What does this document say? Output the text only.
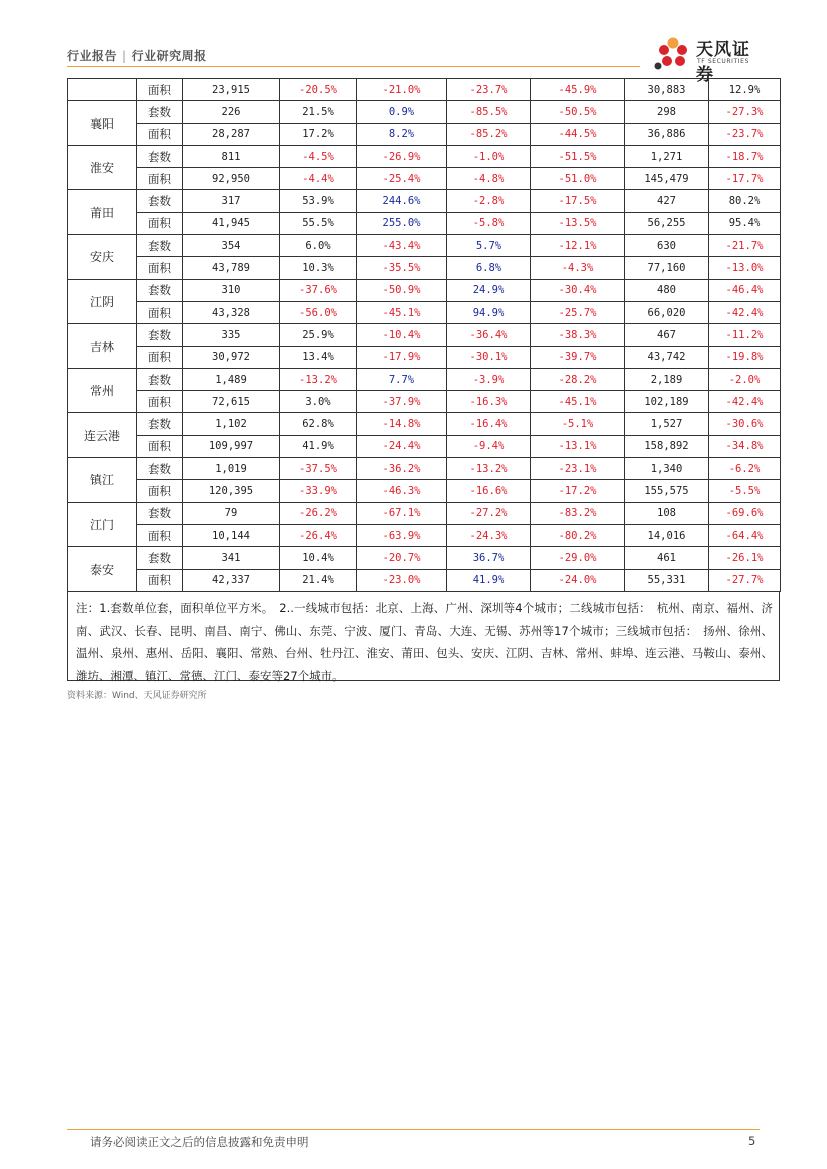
行业报告 | 行业研究周报	天风证券
TF SECURITIES
	面积	23,915	-20.5%	-21.0%	-23.7%	-45.9%	30,883	12.9%
襄阳	套数	226	21.5%	0.9%	-85.5%	-50.5%	298	-27.3%
	面积	28,287	17.2%	8.2%	-85.2%	-44.5%	36,886	-23.7%
淮安	套数	811	-4.5%	-26.9%	-1.0%	-51.5%	1,271	-18.7%
	面积	92,950	-4.4%	-25.4%	-4.8%	-51.0%	145,479	-17.7%
莆田	套数	317	53.9%	244.6%	-2.8%	-17.5%	427	80.2%
	面积	41,945	55.5%	255.0%	-5.8%	-13.5%	56,255	95.4%
安庆	套数	354	6.0%	-43.4%	5.7%	-12.1%	630	-21.7%
	面积	43,789	10.3%	-35.5%	6.8%	-4.3%	77,160	-13.0%
江阴	套数	310	-37.6%	-50.9%	24.9%	-30.4%	480	-46.4%
	面积	43,328	-56.0%	-45.1%	94.9%	-25.7%	66,020	-42.4%
吉林	套数	335	25.9%	-10.4%	-36.4%	-38.3%	467	-11.2%
	面积	30,972	13.4%	-17.9%	-30.1%	-39.7%	43,742	-19.8%
常州	套数	1,489	-13.2%	7.7%	-3.9%	-28.2%	2,189	-2.0%
	面积	72,615	3.0%	-37.9%	-16.3%	-45.1%	102,189	-42.4%
连云港	套数	1,102	62.8%	-14.8%	-16.4%	-5.1%	1,527	-30.6%
	面积	109,997	41.9%	-24.4%	-9.4%	-13.1%	158,892	-34.8%
镇江	套数	1,019	-37.5%	-36.2%	-13.2%	-23.1%	1,340	-6.2%
	面积	120,395	-33.9%	-46.3%	-16.6%	-17.2%	155,575	-5.5%
江门	套数	79	-26.2%	-67.1%	-27.2%	-83.2%	108	-69.6%
	面积	10,144	-26.4%	-63.9%	-24.3%	-80.2%	14,016	-64.4%
泰安	套数	341	10.4%	-20.7%	36.7%	-29.0%	461	-26.1%
	面积	42,337	21.4%	-23.0%	41.9%	-24.0%	55,331	-27.7%
注：1.套数单位套，面积单位平方米。　2..一线城市包括：北京、上海、广州、深圳等4个城市；二线城市包括：　杭州、南京、福州、济南、武汉、长春、昆明、南昌、南宁、佛山、东莞、宁波、厦门、青岛、大连、无锡、苏州等17个城市；三线城市包括：　扬州、徐州、温州、泉州、惠州、岳阳、襄阳、常熟、台州、牡丹江、淮安、莆田、包头、安庆、江阴、吉林、常州、蚌埠、连云港、马鞍山、泰州、潍坊、湘潭、镇江、常德、江门、泰安等27个城市。
资料来源：Wind、天风证券研究所
请务必阅读正文之后的信息披露和免责申明	5
